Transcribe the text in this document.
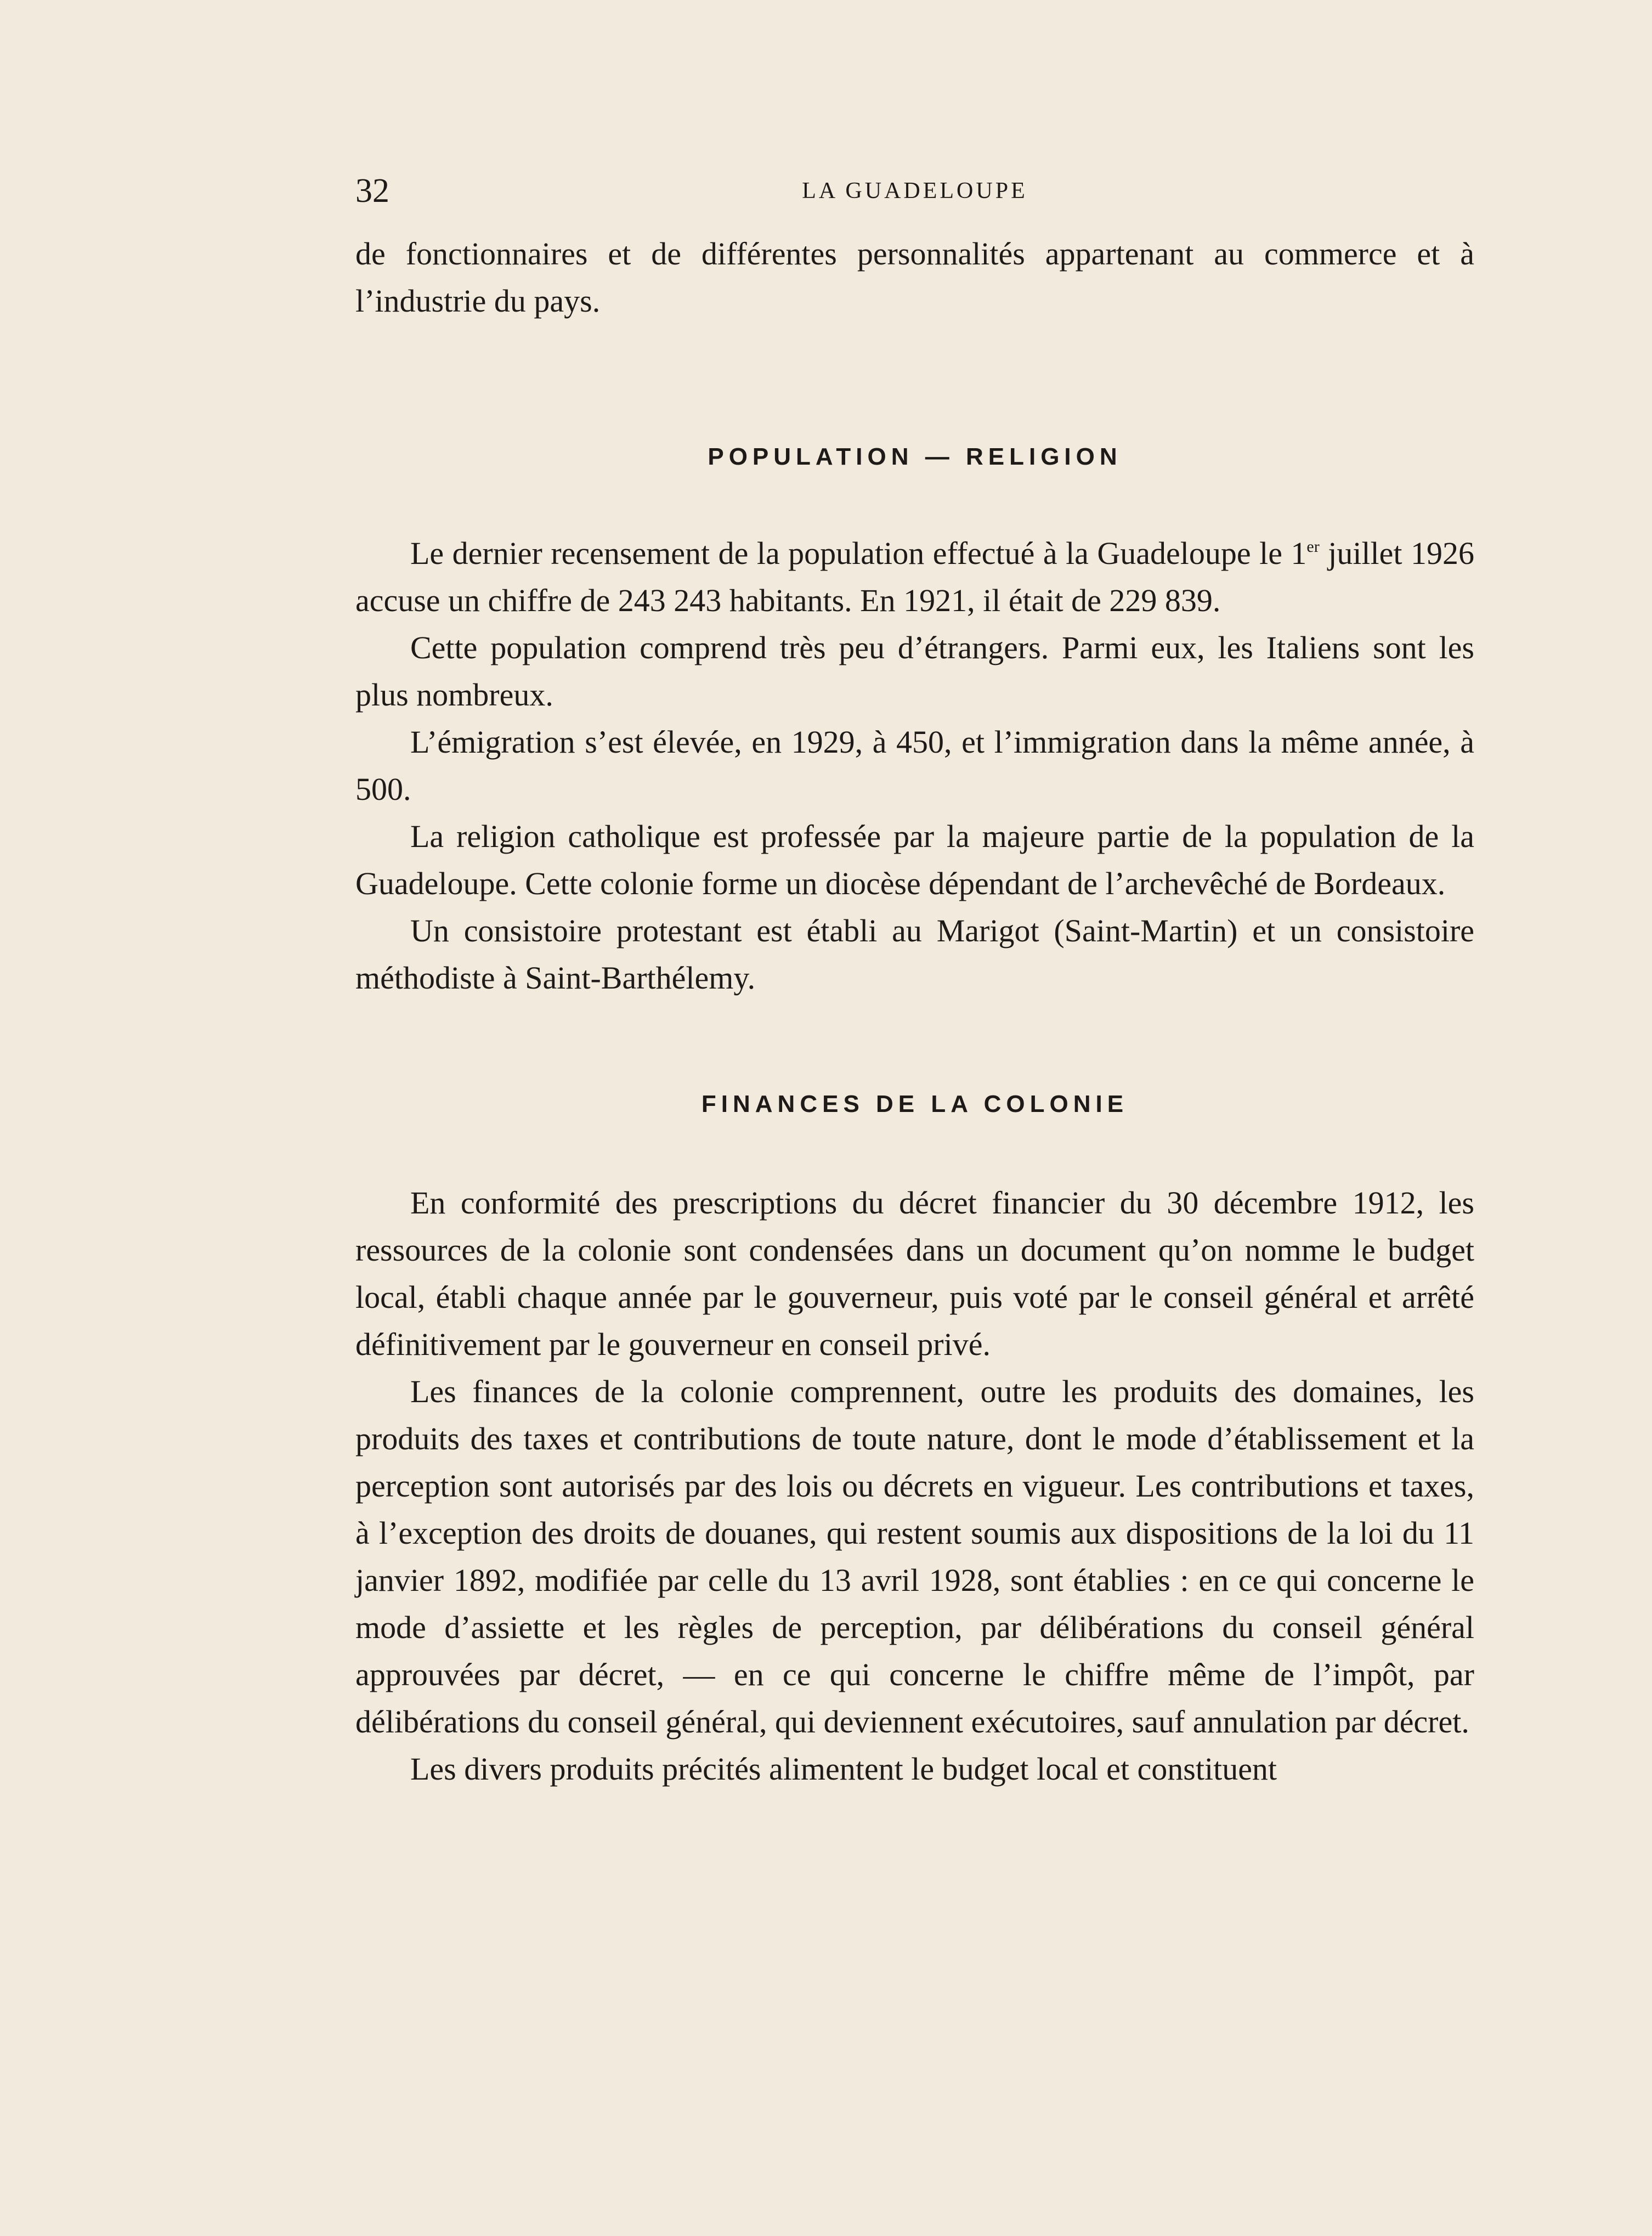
32	LA GUADELOUPE

de fonctionnaires et de différentes personnalités appartenant au commerce et à l’industrie du pays.

POPULATION — RELIGION

Le dernier recensement de la population effectué à la Guadeloupe le 1er juillet 1926 accuse un chiffre de 243 243 habitants. En 1921, il était de 229 839.

Cette population comprend très peu d’étrangers. Parmi eux, les Italiens sont les plus nombreux.

L’émigration s’est élevée, en 1929, à 450, et l’immigration dans la même année, à 500.

La religion catholique est professée par la majeure partie de la population de la Guadeloupe. Cette colonie forme un diocèse dépendant de l’archevêché de Bordeaux.

Un consistoire protestant est établi au Marigot (Saint-Martin) et un consistoire méthodiste à Saint-Barthélemy.

FINANCES DE LA COLONIE

En conformité des prescriptions du décret financier du 30 décembre 1912, les ressources de la colonie sont condensées dans un document qu’on nomme le budget local, établi chaque année par le gouverneur, puis voté par le conseil général et arrêté définitivement par le gouverneur en conseil privé.

Les finances de la colonie comprennent, outre les produits des domaines, les produits des taxes et contributions de toute nature, dont le mode d’établissement et la perception sont autorisés par des lois ou décrets en vigueur. Les contributions et taxes, à l’exception des droits de douanes, qui restent soumis aux dispositions de la loi du 11 janvier 1892, modifiée par celle du 13 avril 1928, sont établies : en ce qui concerne le mode d’assiette et les règles de perception, par délibérations du conseil général approuvées par décret, — en ce qui concerne le chiffre même de l’impôt, par délibérations du conseil général, qui deviennent exécutoires, sauf annulation par décret.

Les divers produits précités alimentent le budget local et constituent
